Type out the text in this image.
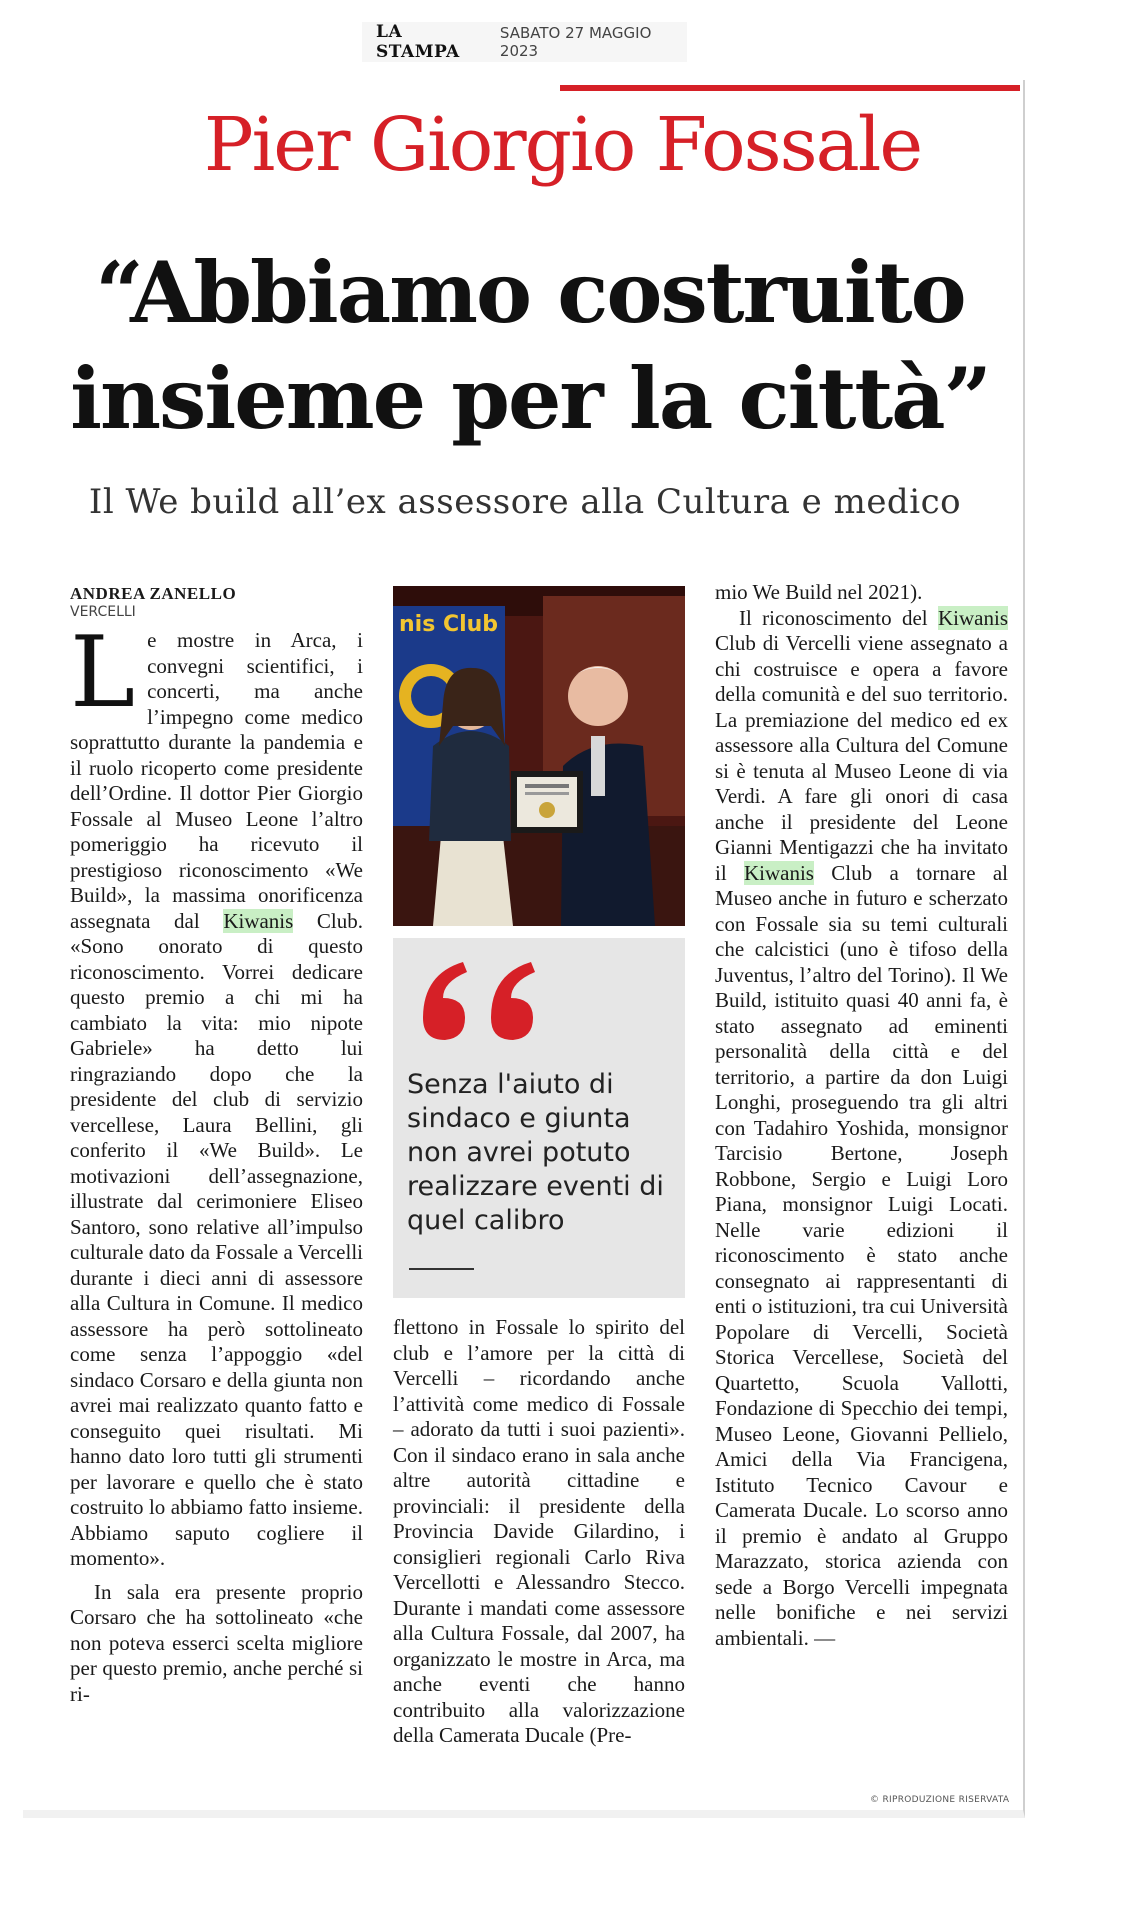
LA STAMPA
SABATO 27 MAGGIO 2023
Pier Giorgio Fossale
“Abbiamo costruito
insieme per la città”
Il We build all’ex assessore alla Cultura e medico
ANDREA ZANELLO
VERCELLI

Le mostre in Arca, i convegni scientifici, i concerti, ma anche l’impegno come medico soprattutto durante la pandemia e il ruolo ricoperto come presidente dell’Ordine. Il dottor Pier Giorgio Fossale al Museo Leone l’altro pomeriggio ha ricevuto il prestigioso riconoscimento «We Build», la massima onorificenza assegnata dal Kiwanis Club. «Sono onorato di questo riconoscimento. Vorrei dedicare questo premio a chi mi ha cambiato la vita: mio nipote Gabriele» ha detto lui ringraziando dopo che la presidente del club di servizio vercellese, Laura Bellini, gli conferito il «We Build». Le motivazioni dell’assegnazione, illustrate dal cerimoniere Eliseo Santoro, sono relative all’impulso culturale dato da Fossale a Vercelli durante i dieci anni di assessore alla Cultura in Comune. Il medico assessore ha però sottolineato come senza l’appoggio «del sindaco Corsaro e della giunta non avrei mai realizzato quanto fatto e conseguito quei risultati. Mi hanno dato loro tutti gli strumenti per lavorare e quello che è stato costruito lo abbiamo fatto insieme. Abbiamo saputo cogliere il momento».

In sala era presente proprio Corsaro che ha sottolineato «che non poteva esserci scelta migliore per questo premio, anche perché si ri-

nis Club
Senza l'aiuto di sindaco e giunta non avrei potuto realizzare eventi di quel calibro

flettono in Fossale lo spirito del club e l’amore per la città di Vercelli – ricordando anche l’attività come medico di Fossale – adorato da tutti i suoi pazienti». Con il sindaco erano in sala anche altre autorità cittadine e provinciali: il presidente della Provincia Davide Gilardino, i consiglieri regionali Carlo Riva Vercellotti e Alessandro Stecco. Durante i mandati come assessore alla Cultura Fossale, dal 2007, ha organizzato le mostre in Arca, ma anche eventi che hanno contribuito alla valorizzazione della Camerata Ducale (Pre-

mio We Build nel 2021).

Il riconoscimento del Kiwanis Club di Vercelli viene assegnato a chi costruisce e opera a favore della comunità e del suo territorio. La premiazione del medico ed ex assessore alla Cultura del Comune si è tenuta al Museo Leone di via Verdi. A fare gli onori di casa anche il presidente del Leone Gianni Mentigazzi che ha invitato il Kiwanis Club a tornare al Museo anche in futuro e scherzato con Fossale sia su temi culturali che calcistici (uno è tifoso della Juventus, l’altro del Torino). Il We Build, istituito quasi 40 anni fa, è stato assegnato ad eminenti personalità della città e del territorio, a partire da don Luigi Longhi, proseguendo tra gli altri con Tadahiro Yoshida, monsignor Tarcisio Bertone, Joseph Robbone, Sergio e Luigi Loro Piana, monsignor Luigi Locati. Nelle varie edizioni il riconoscimento è stato anche consegnato ai rappresentanti di enti o istituzioni, tra cui Università Popolare di Vercelli, Società Storica Vercellese, Società del Quartetto, Scuola Vallotti, Fondazione di Specchio dei tempi, Museo Leone, Giovanni Pellielo, Amici della Via Francigena, Istituto Tecnico Cavour e Camerata Ducale. Lo scorso anno il premio è andato al Gruppo Marazzato, storica azienda con sede a Borgo Vercelli impegnata nelle bonifiche e nei servizi ambientali. —

© RIPRODUZIONE RISERVATA
